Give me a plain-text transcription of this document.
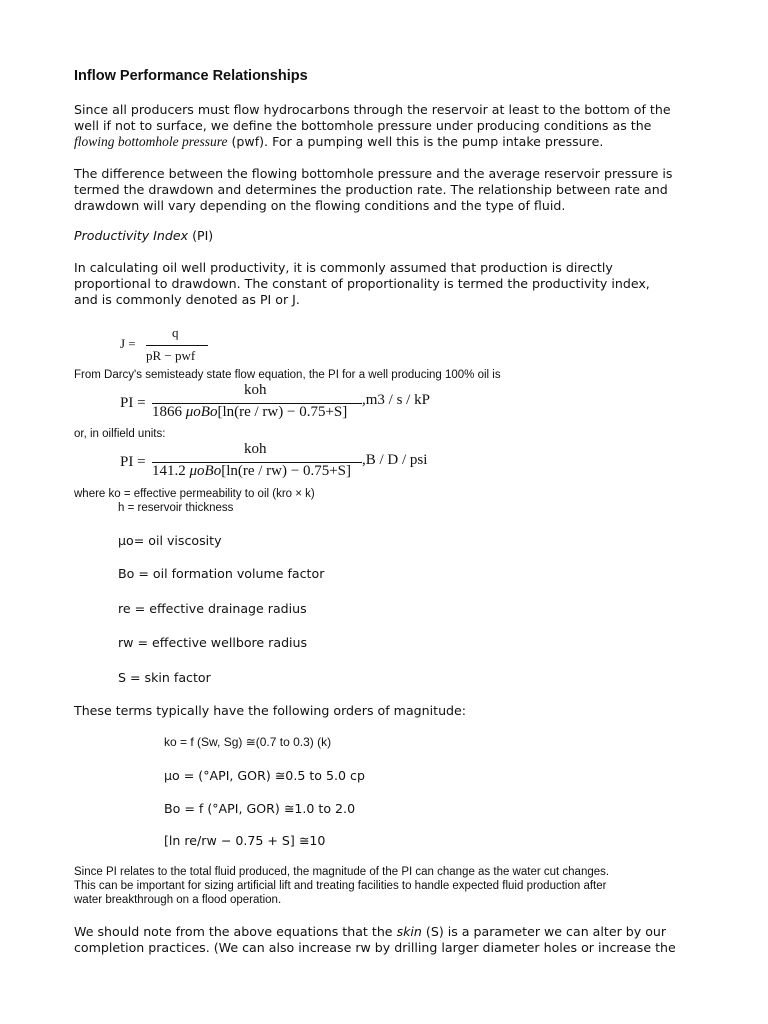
Inflow Performance Relationships

Since all producers must flow hydrocarbons through the reservoir at least to the bottom of the

well if not to surface, we define the bottomhole pressure under producing conditions as the

flowing bottomhole pressure (pwf). For a pumping well this is the pump intake pressure.

The difference between the flowing bottomhole pressure and the average reservoir pressure is

termed the drawdown and determines the production rate. The relationship between rate and

drawdown will vary depending on the flowing conditions and the type of fluid.

Productivity Index (PI)

In calculating oil well productivity, it is commonly assumed that production is directly

proportional to drawdown. The constant of proportionality is termed the productivity index,

and is commonly denoted as PI or J.

J =
q
pR − pwf
From Darcy's semisteady state flow equation, the PI for a well producing 100% oil is
PI =
koh
1866 μoBo[ln(re / rw) − 0.75+S]
,m3 / s / kP
or, in oilfield units:
PI =
koh
141.2 μoBo[ln(re / rw) − 0.75+S]
,B / D / psi
where ko = effective permeability to oil (kro × k)
h = reservoir thickness
μo= oil viscosity
Bo = oil formation volume factor
re = effective drainage radius
rw = effective wellbore radius
S = skin factor
These terms typically have the following orders of magnitude:
ko = f (Sw, Sg) ≅(0.7 to 0.3) (k)
μo = (°API, GOR) ≅0.5 to 5.0 cp
Bo = f (°API, GOR) ≅1.0 to 2.0
[ln re/rw − 0.75 + S] ≅10

Since PI relates to the total fluid produced, the magnitude of the PI can change as the water cut changes.

This can be important for sizing artificial lift and treating facilities to handle expected fluid production after

water breakthrough on a flood operation.

We should note from the above equations that the skin (S) is a parameter we can alter by our

completion practices. (We can also increase rw by drilling larger diameter holes or increase the
